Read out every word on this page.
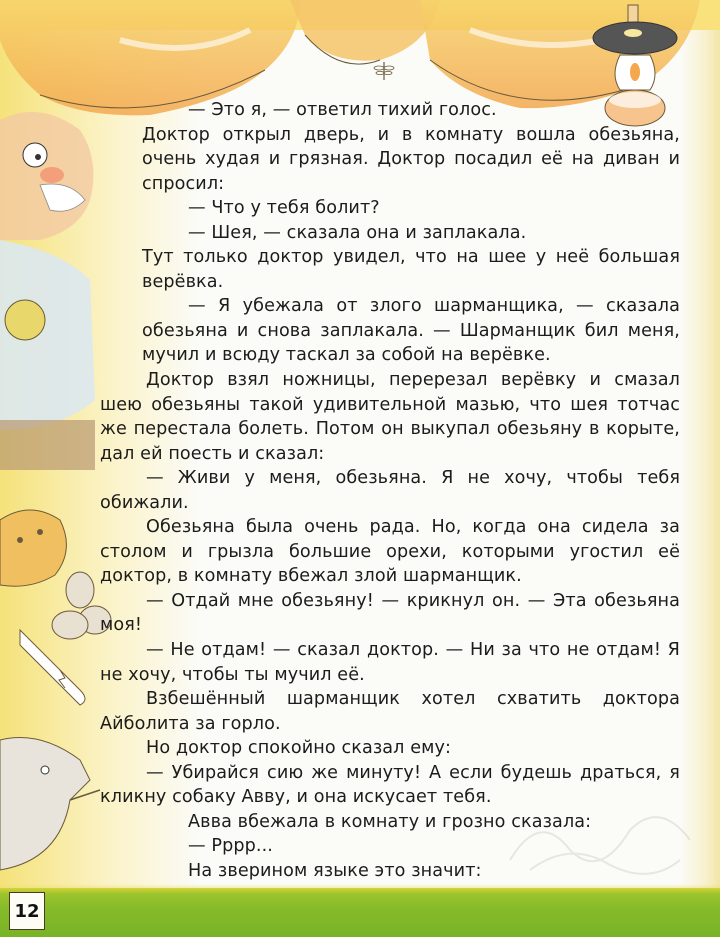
— Это я, — ответил тихий голос.

Доктор открыл дверь, и в комнату вошла обезьяна, очень худая и грязная. Доктор посадил её на диван и спросил:

— Что у тебя болит?

— Шея, — сказала она и заплакала.

Тут только доктор увидел, что на шее у неё большая верёвка.

— Я убежала от злого шарманщика, — сказала обезьяна и снова заплакала. — Шарманщик бил меня, мучил и всюду таскал за собой на верёвке.

Доктор взял ножницы, перерезал верёвку и смазал шею обезьяны такой удивительной мазью, что шея тотчас же перестала болеть. Потом он выкупал обезьяну в корыте, дал ей поесть и сказал:

— Живи у меня, обезьяна. Я не хочу, чтобы тебя обижали.

Обезьяна была очень рада. Но, когда она сидела за столом и грызла большие орехи, которыми угостил её доктор, в комнату вбежал злой шарманщик.

— Отдай мне обезьяну! — крикнул он. — Эта обезьяна моя!

— Не отдам! — сказал доктор. — Ни за что не отдам! Я не хочу, чтобы ты мучил её.

Взбешённый шарманщик хотел схватить доктора Айболита за горло.

Но доктор спокойно сказал ему:

— Убирайся сию же минуту! А если будешь драться, я кликну собаку Авву, и она искусает тебя.

Авва вбежала в комнату и грозно сказала:

— Рррр...

На зверином языке это значит:

12
